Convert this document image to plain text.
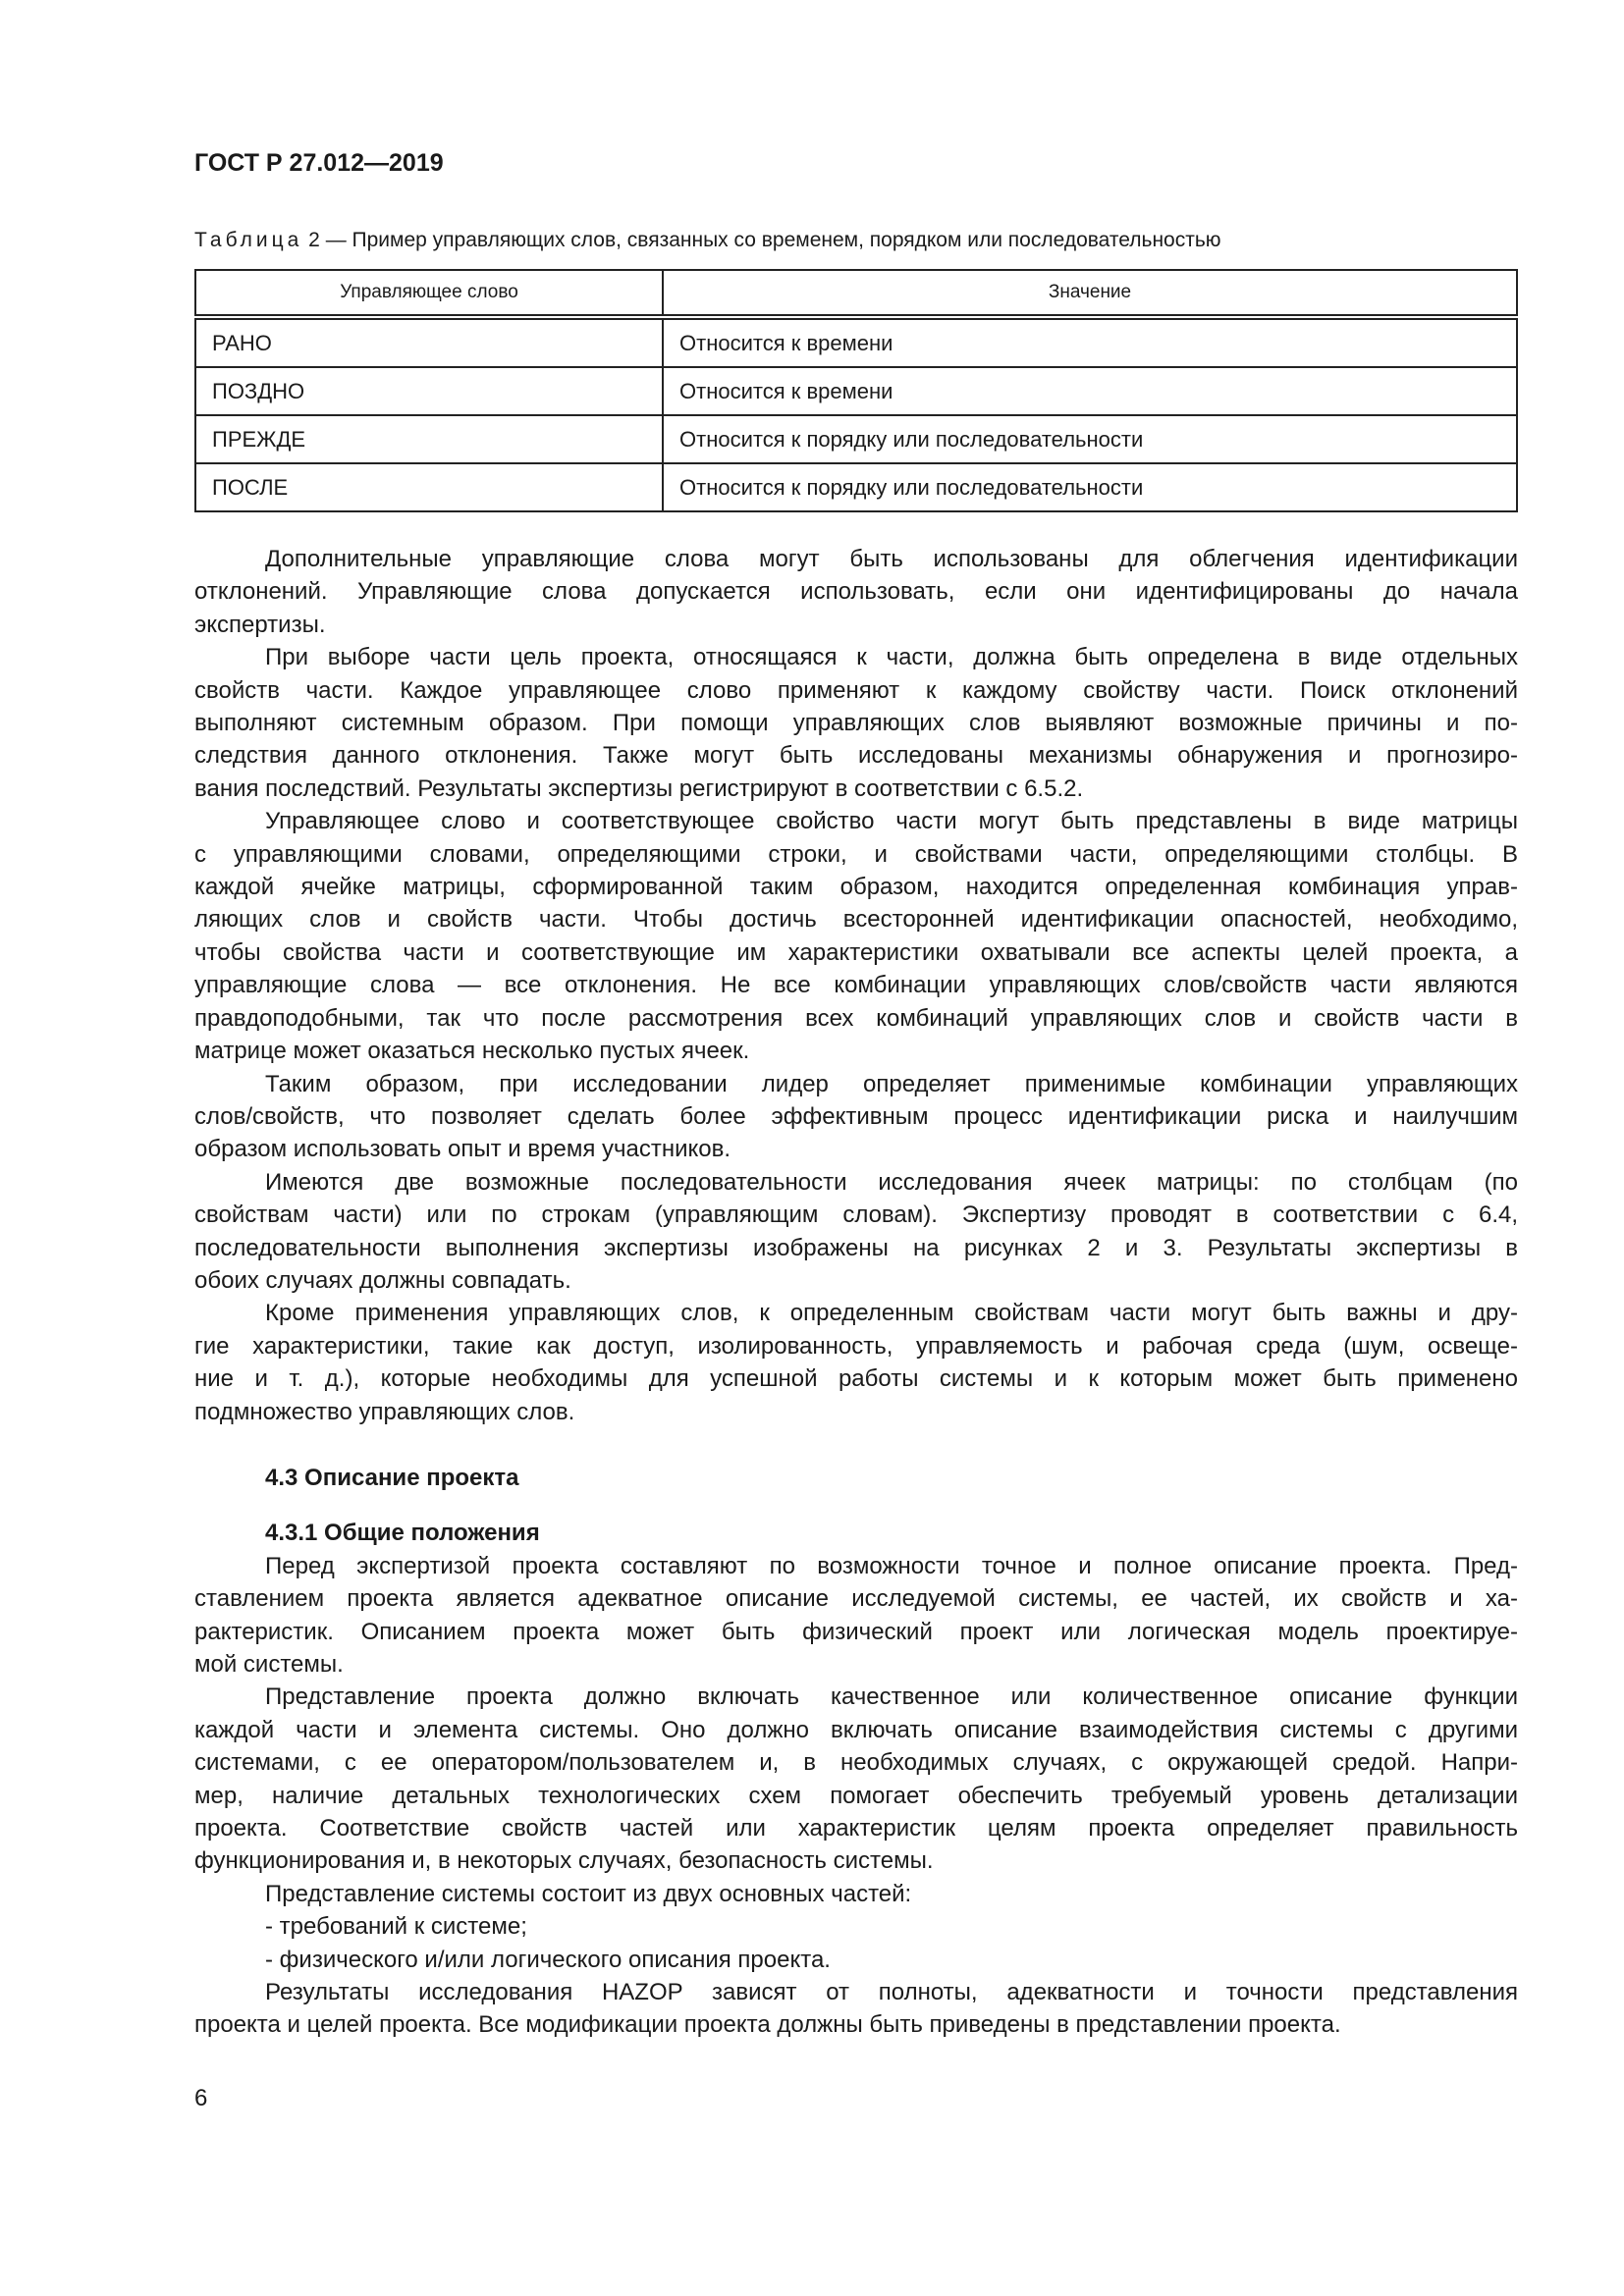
ГОСТ Р 27.012—2019
Таблица 2 — Пример управляющих слов, связанных со временем, порядком или последовательностью
Управляющее слово	Значение
РАНО	Относится к времени
ПОЗДНО	Относится к времени
ПРЕЖДЕ	Относится к порядку или последовательности
ПОСЛЕ	Относится к порядку или последовательности
Дополнительные управляющие слова могут быть использованы для облегчения идентификации
отклонений. Управляющие слова допускается использовать, если они идентифицированы до начала
экспертизы.
При выборе части цель проекта, относящаяся к части, должна быть определена в виде отдельных
свойств части. Каждое управляющее слово применяют к каждому свойству части. Поиск отклонений
выполняют системным образом. При помощи управляющих слов выявляют возможные причины и по-
следствия данного отклонения. Также могут быть исследованы механизмы обнаружения и прогнозиро-
вания последствий. Результаты экспертизы регистрируют в соответствии с 6.5.2.
Управляющее слово и соответствующее свойство части могут быть представлены в виде матрицы
с управляющими словами, определяющими строки, и свойствами части, определяющими столбцы. В
каждой ячейке матрицы, сформированной таким образом, находится определенная комбинация управ-
ляющих слов и свойств части. Чтобы достичь всесторонней идентификации опасностей, необходимо,
чтобы свойства части и соответствующие им характеристики охватывали все аспекты целей проекта, а
управляющие слова — все отклонения. Не все комбинации управляющих слов/свойств части являются
правдоподобными, так что после рассмотрения всех комбинаций управляющих слов и свойств части в
матрице может оказаться несколько пустых ячеек.
Таким образом, при исследовании лидер определяет применимые комбинации управляющих
слов/свойств, что позволяет сделать более эффективным процесс идентификации риска и наилучшим
образом использовать опыт и время участников.
Имеются две возможные последовательности исследования ячеек матрицы: по столбцам (по
свойствам части) или по строкам (управляющим словам). Экспертизу проводят в соответствии с 6.4,
последовательности выполнения экспертизы изображены на рисунках 2 и 3. Результаты экспертизы в
обоих случаях должны совпадать.
Кроме применения управляющих слов, к определенным свойствам части могут быть важны и дру-
гие характеристики, такие как доступ, изолированность, управляемость и рабочая среда (шум, освеще-
ние и т. д.), которые необходимы для успешной работы системы и к которым может быть применено
подмножество управляющих слов.
4.3 Описание проекта
4.3.1 Общие положения
Перед экспертизой проекта составляют по возможности точное и полное описание проекта. Пред-
ставлением проекта является адекватное описание исследуемой системы, ее частей, их свойств и ха-
рактеристик. Описанием проекта может быть физический проект или логическая модель проектируе-
мой системы.
Представление проекта должно включать качественное или количественное описание функции
каждой части и элемента системы. Оно должно включать описание взаимодействия системы с другими
системами, с ее оператором/пользователем и, в необходимых случаях, с окружающей средой. Напри-
мер, наличие детальных технологических схем помогает обеспечить требуемый уровень детализации
проекта. Соответствие свойств частей или характеристик целям проекта определяет правильность
функционирования и, в некоторых случаях, безопасность системы.
Представление системы состоит из двух основных частей:
- требований к системе;
- физического и/или логического описания проекта.
Результаты исследования HAZOP зависят от полноты, адекватности и точности представления
проекта и целей проекта. Все модификации проекта должны быть приведены в представлении проекта.
6
